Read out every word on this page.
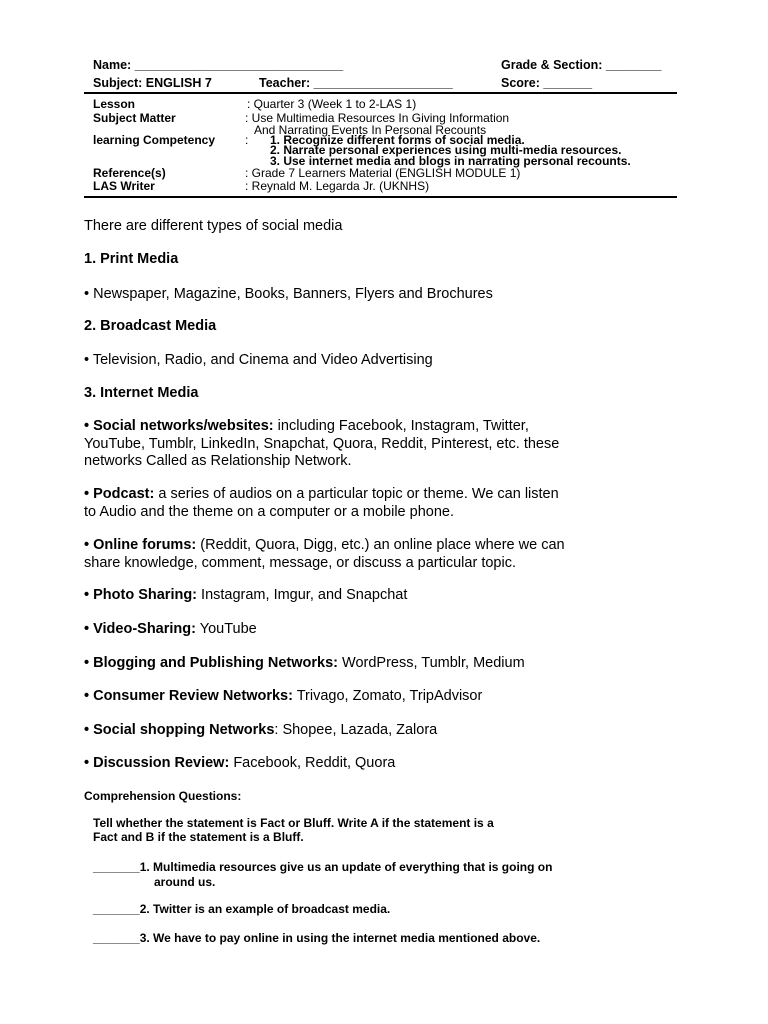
Name: ______________________________	Grade & Section: ________
Subject: ENGLISH 7	Teacher: ____________________	Score: _______
Lesson	: Quarter 3 (Week 1 to 2-LAS 1)
Subject Matter	: Use Multimedia Resources In Giving Information
And Narrating Events In Personal Recounts
learning Competency : 1. Recognize different forms of social media.
2. Narrate personal experiences using multi-media resources.
3. Use internet media and blogs in narrating personal recounts.
Reference(s)	: Grade 7 Learners Material (ENGLISH MODULE 1)
LAS Writer	: Reynald M. Legarda Jr. (UKNHS)
There are different types of social media
1. Print Media
• Newspaper, Magazine, Books, Banners, Flyers and Brochures
2. Broadcast Media
• Television, Radio, and Cinema and Video Advertising
3. Internet Media
• Social networks/websites: including Facebook, Instagram, Twitter, YouTube, Tumblr, LinkedIn, Snapchat, Quora, Reddit, Pinterest, etc. these networks Called as Relationship Network.
• Podcast: a series of audios on a particular topic or theme. We can listen to Audio and the theme on a computer or a mobile phone.
• Online forums: (Reddit, Quora, Digg, etc.) an online place where we can share knowledge, comment, message, or discuss a particular topic.
• Photo Sharing: Instagram, Imgur, and Snapchat
• Video-Sharing: YouTube
• Blogging and Publishing Networks: WordPress, Tumblr, Medium
• Consumer Review Networks: Trivago, Zomato, TripAdvisor
• Social shopping Networks: Shopee, Lazada, Zalora
• Discussion Review: Facebook, Reddit, Quora
Comprehension Questions:
Tell whether the statement is Fact or Bluff. Write A if the statement is a
Fact and B if the statement is a Bluff.
_______1. Multimedia resources give us an update of everything that is going on
around us.
_______2. Twitter is an example of broadcast media.
_______3. We have to pay online in using the internet media mentioned above.
